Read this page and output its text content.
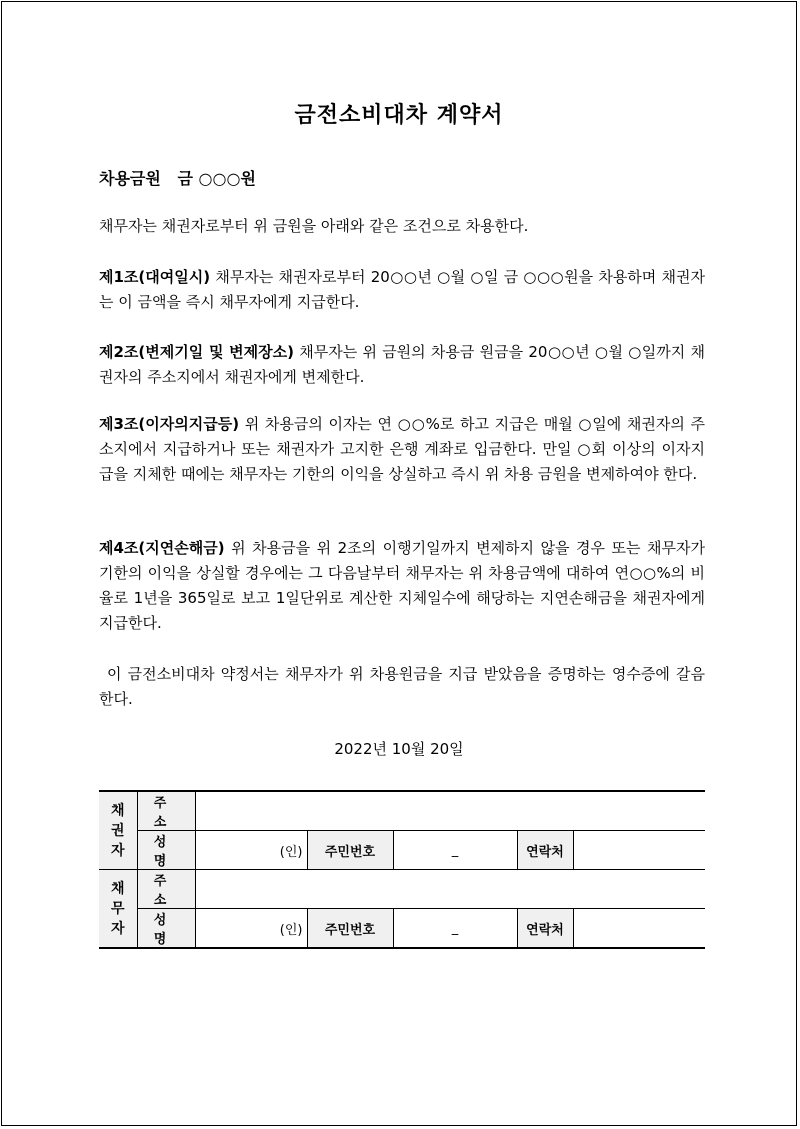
금전소비대차 계약서
차용금원   금 ○○○원
채무자는 채권자로부터 위 금원을 아래와 같은 조건으로 차용한다.
제1조(대여일시) 채무자는 채권자로부터 20○○년 ○월 ○일 금 ○○○원을 차용하며 채권자는 이 금액을 즉시 채무자에게 지급한다.
제2조(변제기일 및 변제장소) 채무자는 위 금원의 차용금 원금을 20○○년 ○월 ○일까지 채권자의 주소지에서 채권자에게 변제한다.
제3조(이자의지급등) 위 차용금의 이자는 연 ○○%로 하고 지급은 매월 ○일에 채권자의 주소지에서 지급하거나 또는 채권자가 고지한 은행 계좌로 입금한다. 만일 ○회 이상의 이자지급을 지체한 때에는 채무자는 기한의 이익을 상실하고 즉시 위 차용 금원을 변제하여야 한다.
제4조(지연손해금) 위 차용금을 위 2조의 이행기일까지 변제하지 않을 경우 또는 채무자가 기한의 이익을 상실할 경우에는 그 다음날부터 채무자는 위 차용금액에 대하여 연○○%의 비율로 1년을 365일로 보고 1일단위로 계산한 지체일수에 해당하는 지연손해금을 채권자에게 지급한다.
이 금전소비대차 약정서는 채무자가 위 차용원금을 지급 받았음을 증명하는 영수증에 갈음한다.
2022년 10월 20일
채
권
자	주 소					
	성 명	(인)	주민번호	_	연락처	

채
무
자	주 소					
	성 명	(인)	주민번호	_	연락처	
